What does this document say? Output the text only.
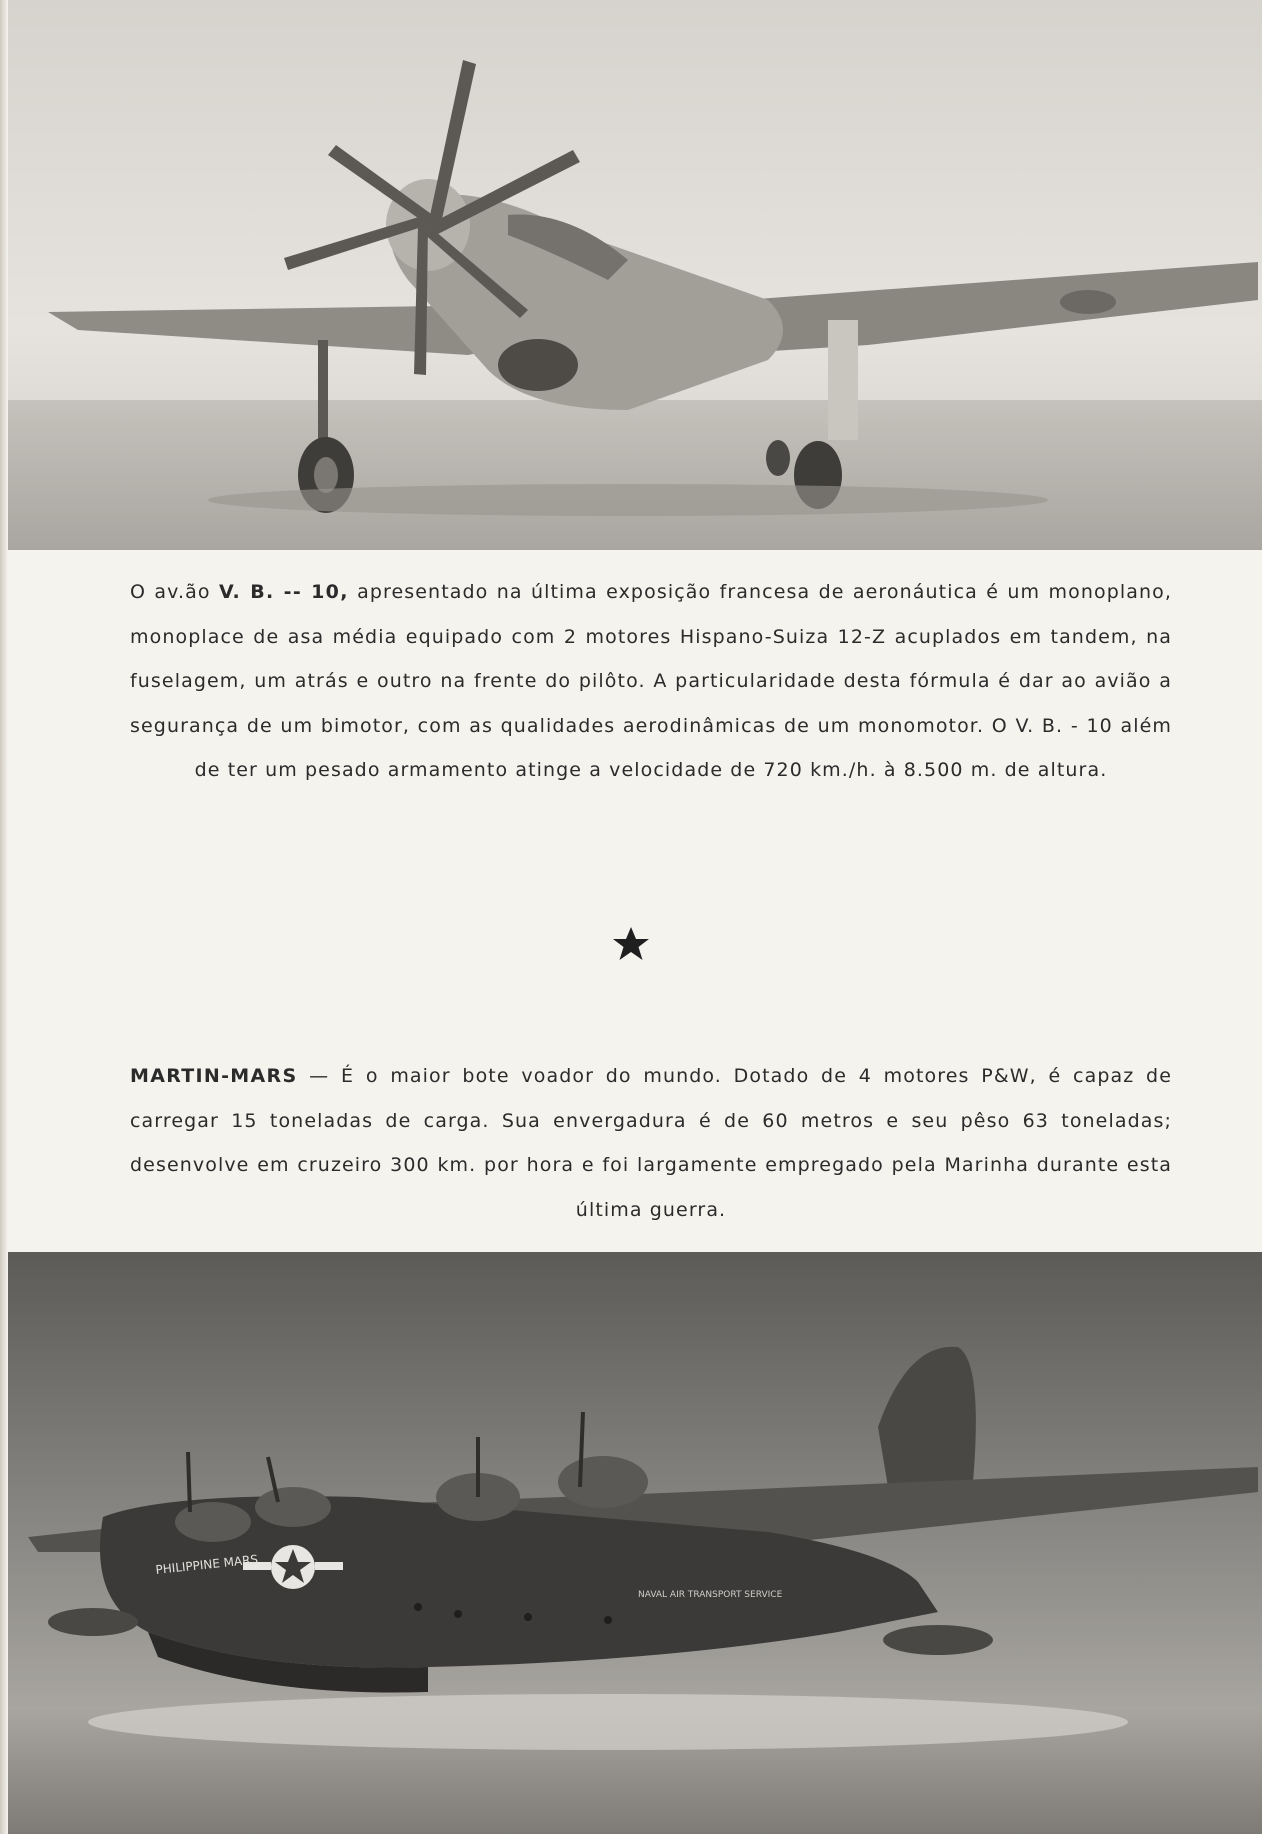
O av.ão V. B. -- 10, apresentado na última exposição francesa de aeronáutica é um monoplano, monoplace de asa média equipado com 2 motores Hispano-Suiza 12-Z acuplados em tandem, na fuselagem, um atrás e outro na frente do pilôto. A particularidade desta fórmula é dar ao avião a segurança de um bimotor, com as qualidades aerodinâmicas de um monomotor. O V. B. - 10 além de ter um pesado armamento atinge a velocidade de 720 km./h. à 8.500 m. de altura.
MARTIN-MARS — É o maior bote voador do mundo. Dotado de 4 motores P&W, é capaz de carregar 15 toneladas de carga. Sua envergadura é de 60 metros e seu pêso 63 toneladas; desenvolve em cruzeiro 300 km. por hora e foi largamente empregado pela Marinha durante esta última guerra.
PHILIPPINE MARS
NAVAL AIR TRANSPORT SERVICE
